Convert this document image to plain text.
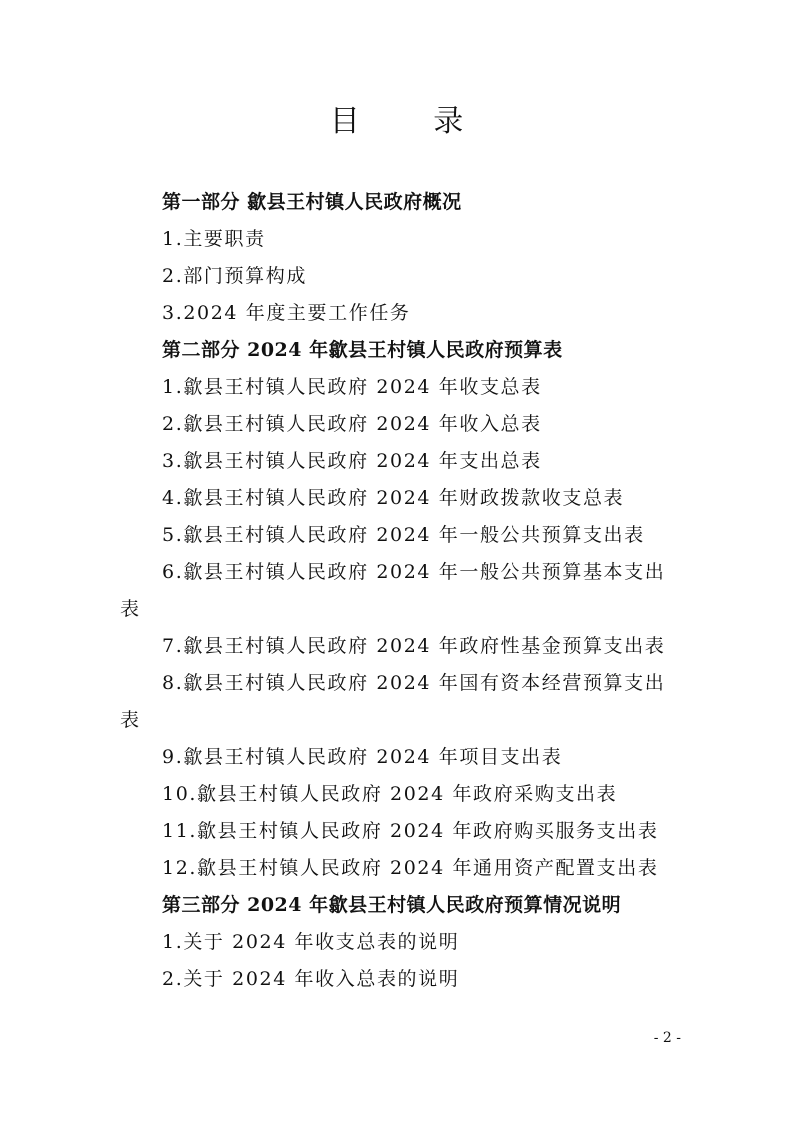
目 录
第一部分 歙县王村镇人民政府概况
1.主要职责
2.部门预算构成
3.2024 年度主要工作任务
第二部分 2024 年歙县王村镇人民政府预算表
1.歙县王村镇人民政府 2024 年收支总表
2.歙县王村镇人民政府 2024 年收入总表
3.歙县王村镇人民政府 2024 年支出总表
4.歙县王村镇人民政府 2024 年财政拨款收支总表
5.歙县王村镇人民政府 2024 年一般公共预算支出表
6.歙县王村镇人民政府 2024 年一般公共预算基本支出表
7.歙县王村镇人民政府 2024 年政府性基金预算支出表
8.歙县王村镇人民政府 2024 年国有资本经营预算支出表
9.歙县王村镇人民政府 2024 年项目支出表
10.歙县王村镇人民政府 2024 年政府采购支出表
11.歙县王村镇人民政府 2024 年政府购买服务支出表
12.歙县王村镇人民政府 2024 年通用资产配置支出表
第三部分 2024 年歙县王村镇人民政府预算情况说明
1.关于 2024 年收支总表的说明
2.关于 2024 年收入总表的说明
- 2 -
